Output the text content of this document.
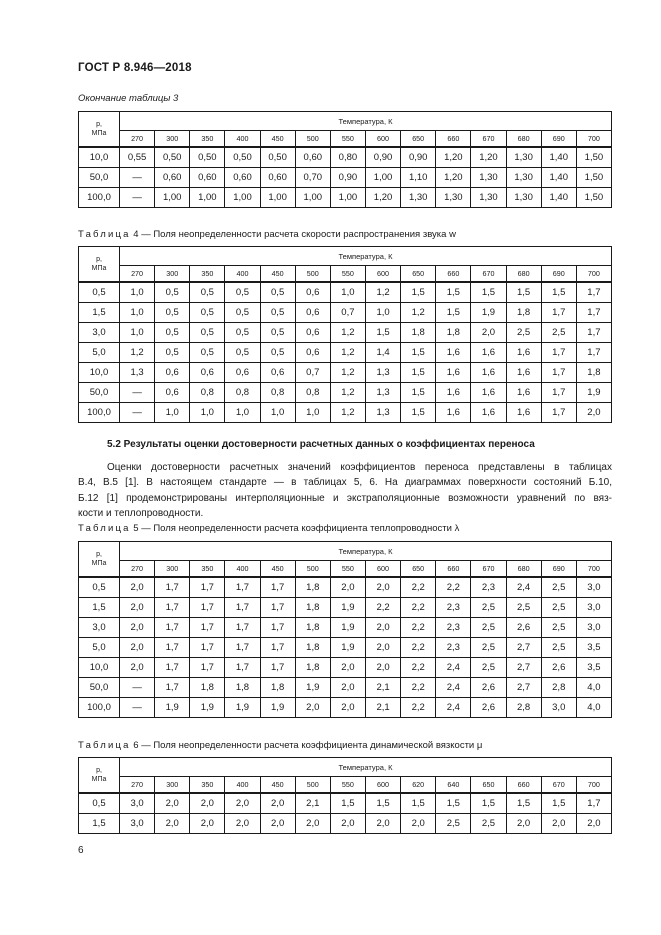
ГОСТ Р 8.946—2018
Окончание таблицы 3
p,
МПа	Температура, К													
	270	300	350	400	450	500	550	600	650	660	670	680	690	700
10,0	0,55	0,50	0,50	0,50	0,50	0,60	0,80	0,90	0,90	1,20	1,20	1,30	1,40	1,50
50,0	—	0,60	0,60	0,60	0,60	0,70	0,90	1,00	1,10	1,20	1,30	1,30	1,40	1,50
100,0	—	1,00	1,00	1,00	1,00	1,00	1,00	1,20	1,30	1,30	1,30	1,30	1,40	1,50
Таблица 4 — Поля неопределенности расчета скорости распространения звука w
p,
МПа	Температура, К													
	270	300	350	400	450	500	550	600	650	660	670	680	690	700
0,5	1,0	0,5	0,5	0,5	0,5	0,6	1,0	1,2	1,5	1,5	1,5	1,5	1,5	1,7
1,5	1,0	0,5	0,5	0,5	0,5	0,6	0,7	1,0	1,2	1,5	1,9	1,8	1,7	1,7
3,0	1,0	0,5	0,5	0,5	0,5	0,6	1,2	1,5	1,8	1,8	2,0	2,5	2,5	1,7
5,0	1,2	0,5	0,5	0,5	0,5	0,6	1,2	1,4	1,5	1,6	1,6	1,6	1,7	1,7
10,0	1,3	0,6	0,6	0,6	0,6	0,7	1,2	1,3	1,5	1,6	1,6	1,6	1,7	1,8
50,0	—	0,6	0,8	0,8	0,8	0,8	1,2	1,3	1,5	1,6	1,6	1,6	1,7	1,9
100,0	—	1,0	1,0	1,0	1,0	1,0	1,2	1,3	1,5	1,6	1,6	1,6	1,7	2,0
5.2 Результаты оценки достоверности расчетных данных о коэффициентах переноса
Оценки достоверности расчетных значений коэффициентов переноса представлены в таблицах
В.4, В.5 [1]. В настоящем стандарте — в таблицах 5, 6. На диаграммах поверхности состояний Б.10,
Б.12 [1] продемонстрированы интерполяционные и экстраполяционные возможности уравнений по вяз-
кости и теплопроводности.
Таблица 5 — Поля неопределенности расчета коэффициента теплопроводности λ
p,
МПа	Температура, К													
	270	300	350	400	450	500	550	600	650	660	670	680	690	700
0,5	2,0	1,7	1,7	1,7	1,7	1,8	2,0	2,0	2,2	2,2	2,3	2,4	2,5	3,0
1,5	2,0	1,7	1,7	1,7	1,7	1,8	1,9	2,2	2,2	2,3	2,5	2,5	2,5	3,0
3,0	2,0	1,7	1,7	1,7	1,7	1,8	1,9	2,0	2,2	2,3	2,5	2,6	2,5	3,0
5,0	2,0	1,7	1,7	1,7	1,7	1,8	1,9	2,0	2,2	2,3	2,5	2,7	2,5	3,5
10,0	2,0	1,7	1,7	1,7	1,7	1,8	2,0	2,0	2,2	2,4	2,5	2,7	2,6	3,5
50,0	—	1,7	1,8	1,8	1,8	1,9	2,0	2,1	2,2	2,4	2,6	2,7	2,8	4,0
100,0	—	1,9	1,9	1,9	1,9	2,0	2,0	2,1	2,2	2,4	2,6	2,8	3,0	4,0
Таблица 6 — Поля неопределенности расчета коэффициента динамической вязкости μ
p,
МПа	Температура, К													
	270	300	350	400	450	500	550	600	620	640	650	660	670	700
0,5	3,0	2,0	2,0	2,0	2,0	2,1	1,5	1,5	1,5	1,5	1,5	1,5	1,5	1,7
1,5	3,0	2,0	2,0	2,0	2,0	2,0	2,0	2,0	2,0	2,5	2,5	2,0	2,0	2,0
6
